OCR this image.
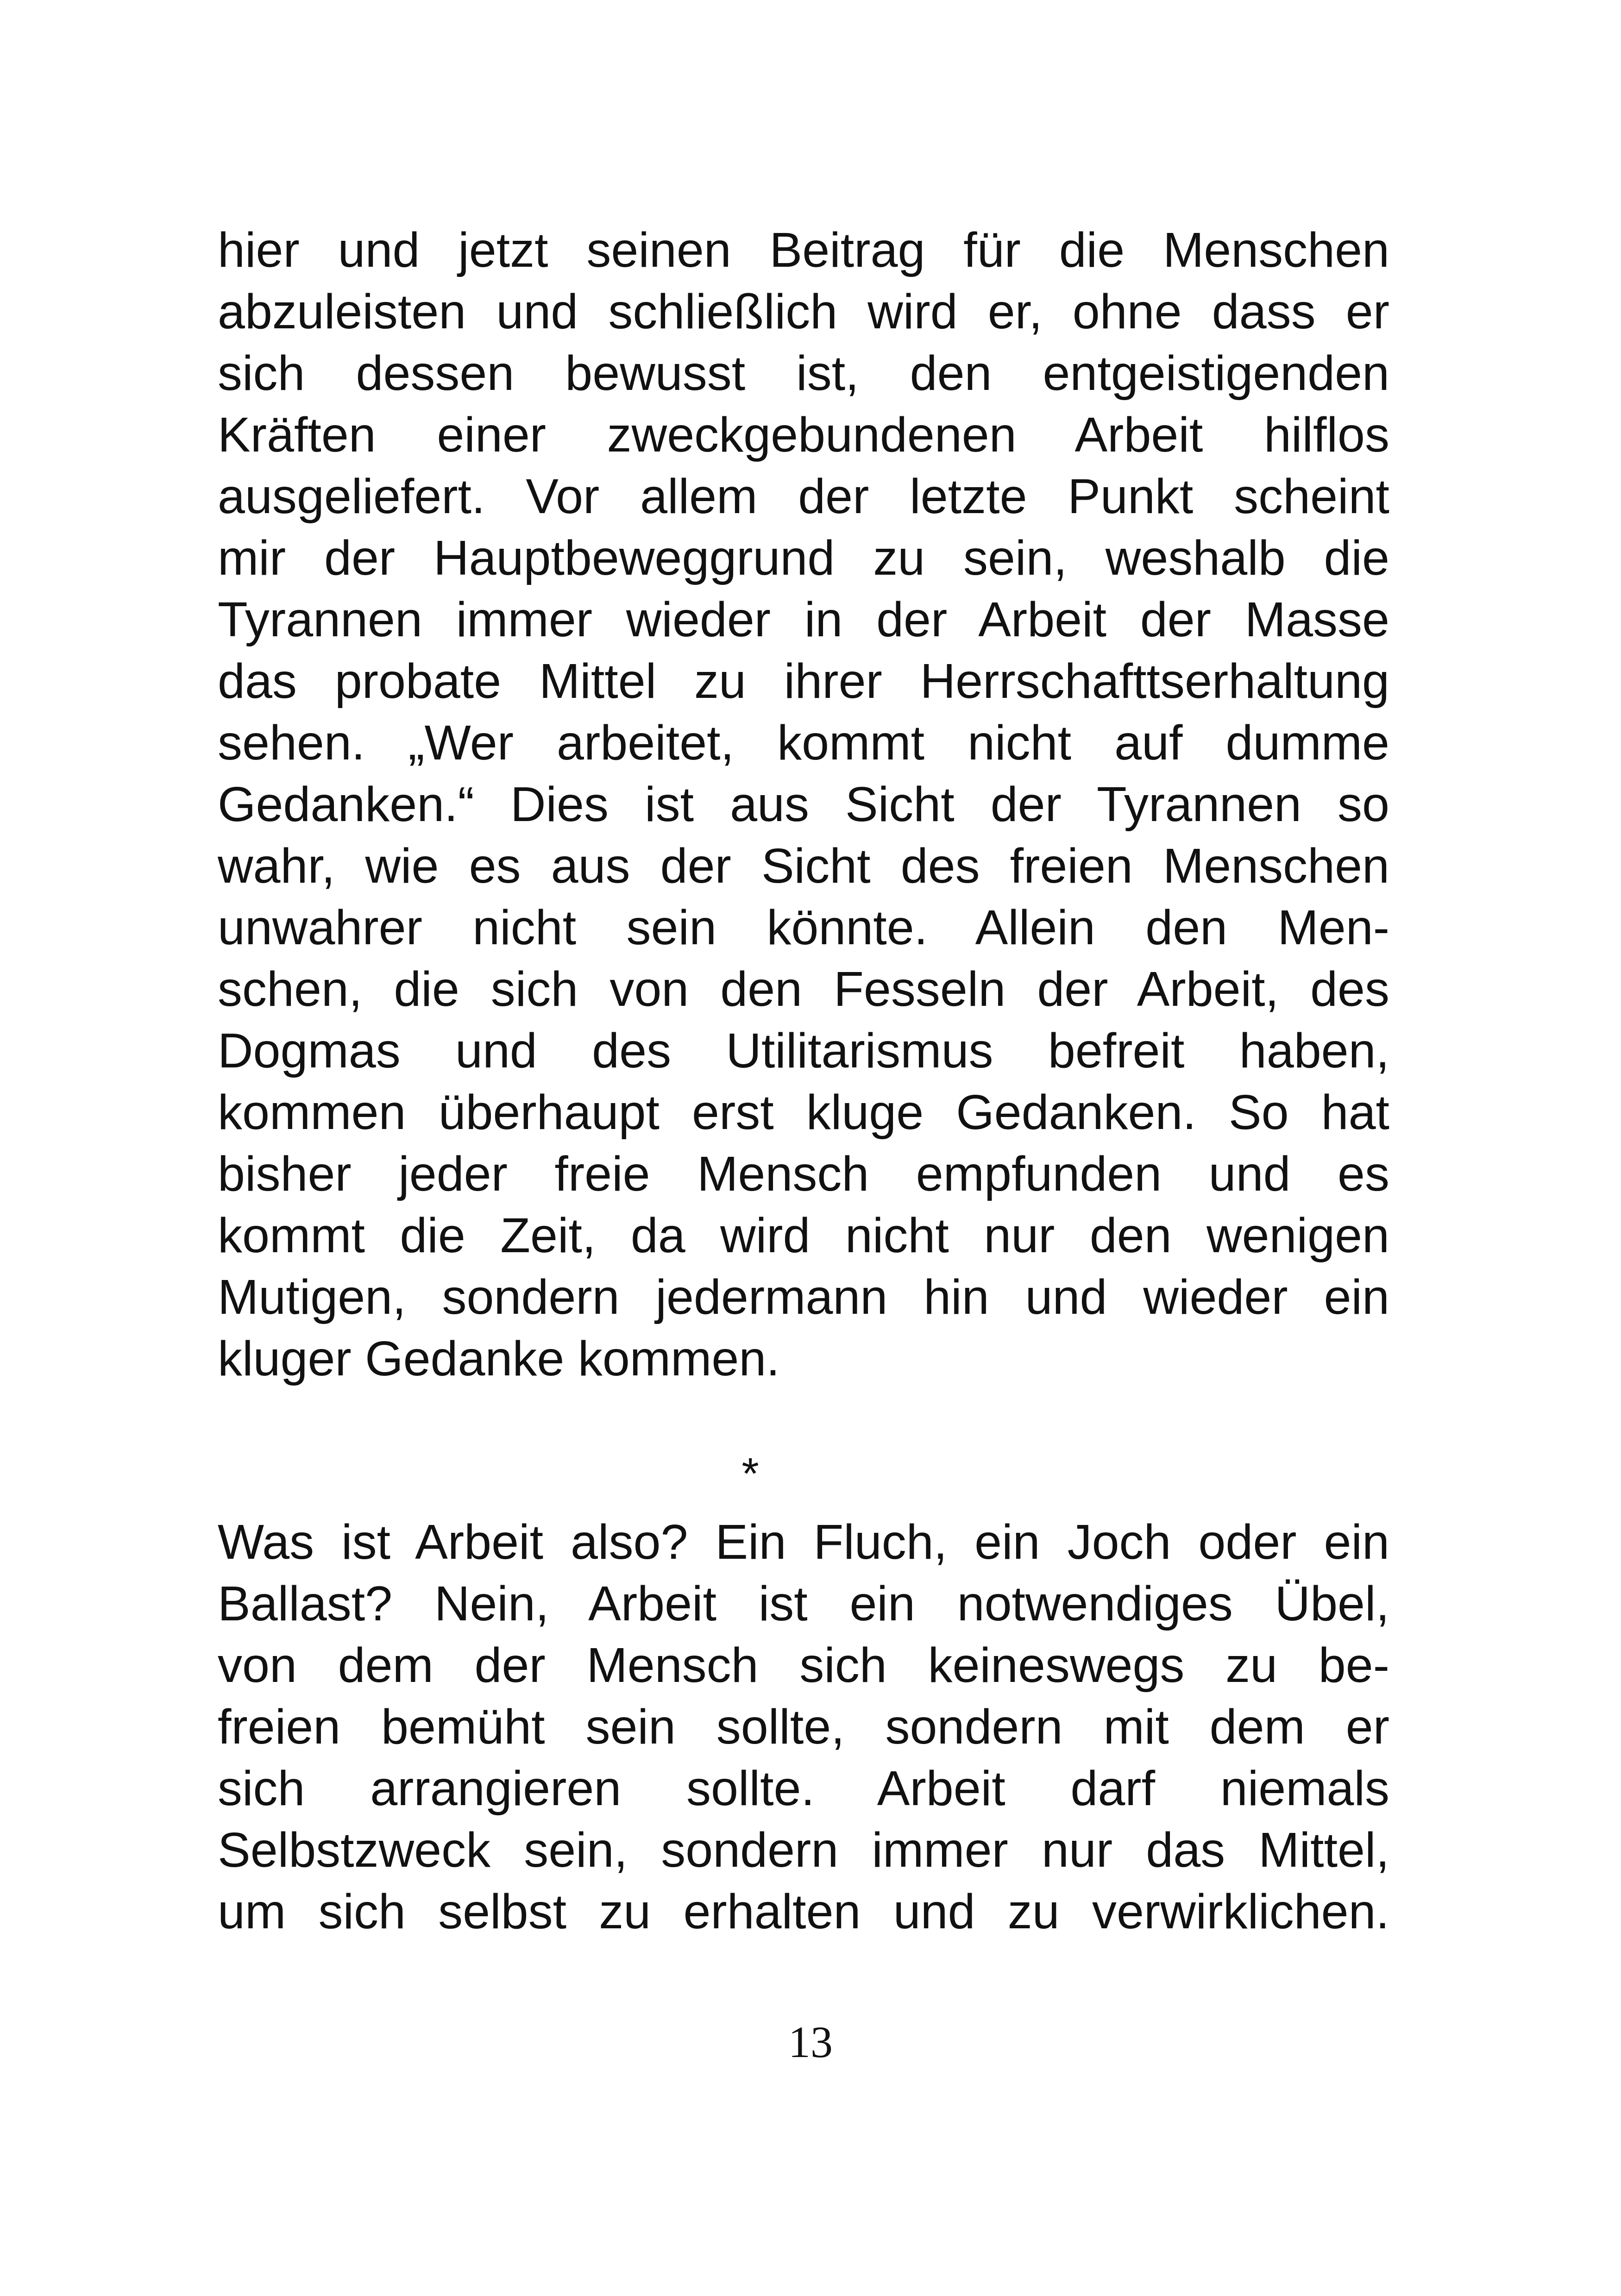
hier und jetzt seinen Beitrag für die Menschen
abzuleisten und schließlich wird er, ohne dass er
sich dessen bewusst ist, den entgeistigenden
Kräften einer zweckgebundenen Arbeit hilflos
ausgeliefert. Vor allem der letzte Punkt scheint
mir der Hauptbeweggrund zu sein, weshalb die
Tyrannen immer wieder in der Arbeit der Masse
das probate Mittel zu ihrer Herrschafttserhaltung
sehen. „Wer arbeitet, kommt nicht auf dumme
Gedanken.“ Dies ist aus Sicht der Tyrannen so
wahr, wie es aus der Sicht des freien Menschen
unwahrer nicht sein könnte. Allein den Men-
schen, die sich von den Fesseln der Arbeit, des
Dogmas und des Utilitarismus befreit haben,
kommen überhaupt erst kluge Gedanken. So hat
bisher jeder freie Mensch empfunden und es
kommt die Zeit, da wird nicht nur den wenigen
Mutigen, sondern jedermann hin und wieder ein
kluger Gedanke kommen.
*
Was ist Arbeit also? Ein Fluch, ein Joch oder ein
Ballast? Nein, Arbeit ist ein notwendiges Übel,
von dem der Mensch sich keineswegs zu be-
freien bemüht sein sollte, sondern mit dem er
sich arrangieren sollte. Arbeit darf niemals
Selbstzweck sein, sondern immer nur das Mittel,
um sich selbst zu erhalten und zu verwirklichen.
13
